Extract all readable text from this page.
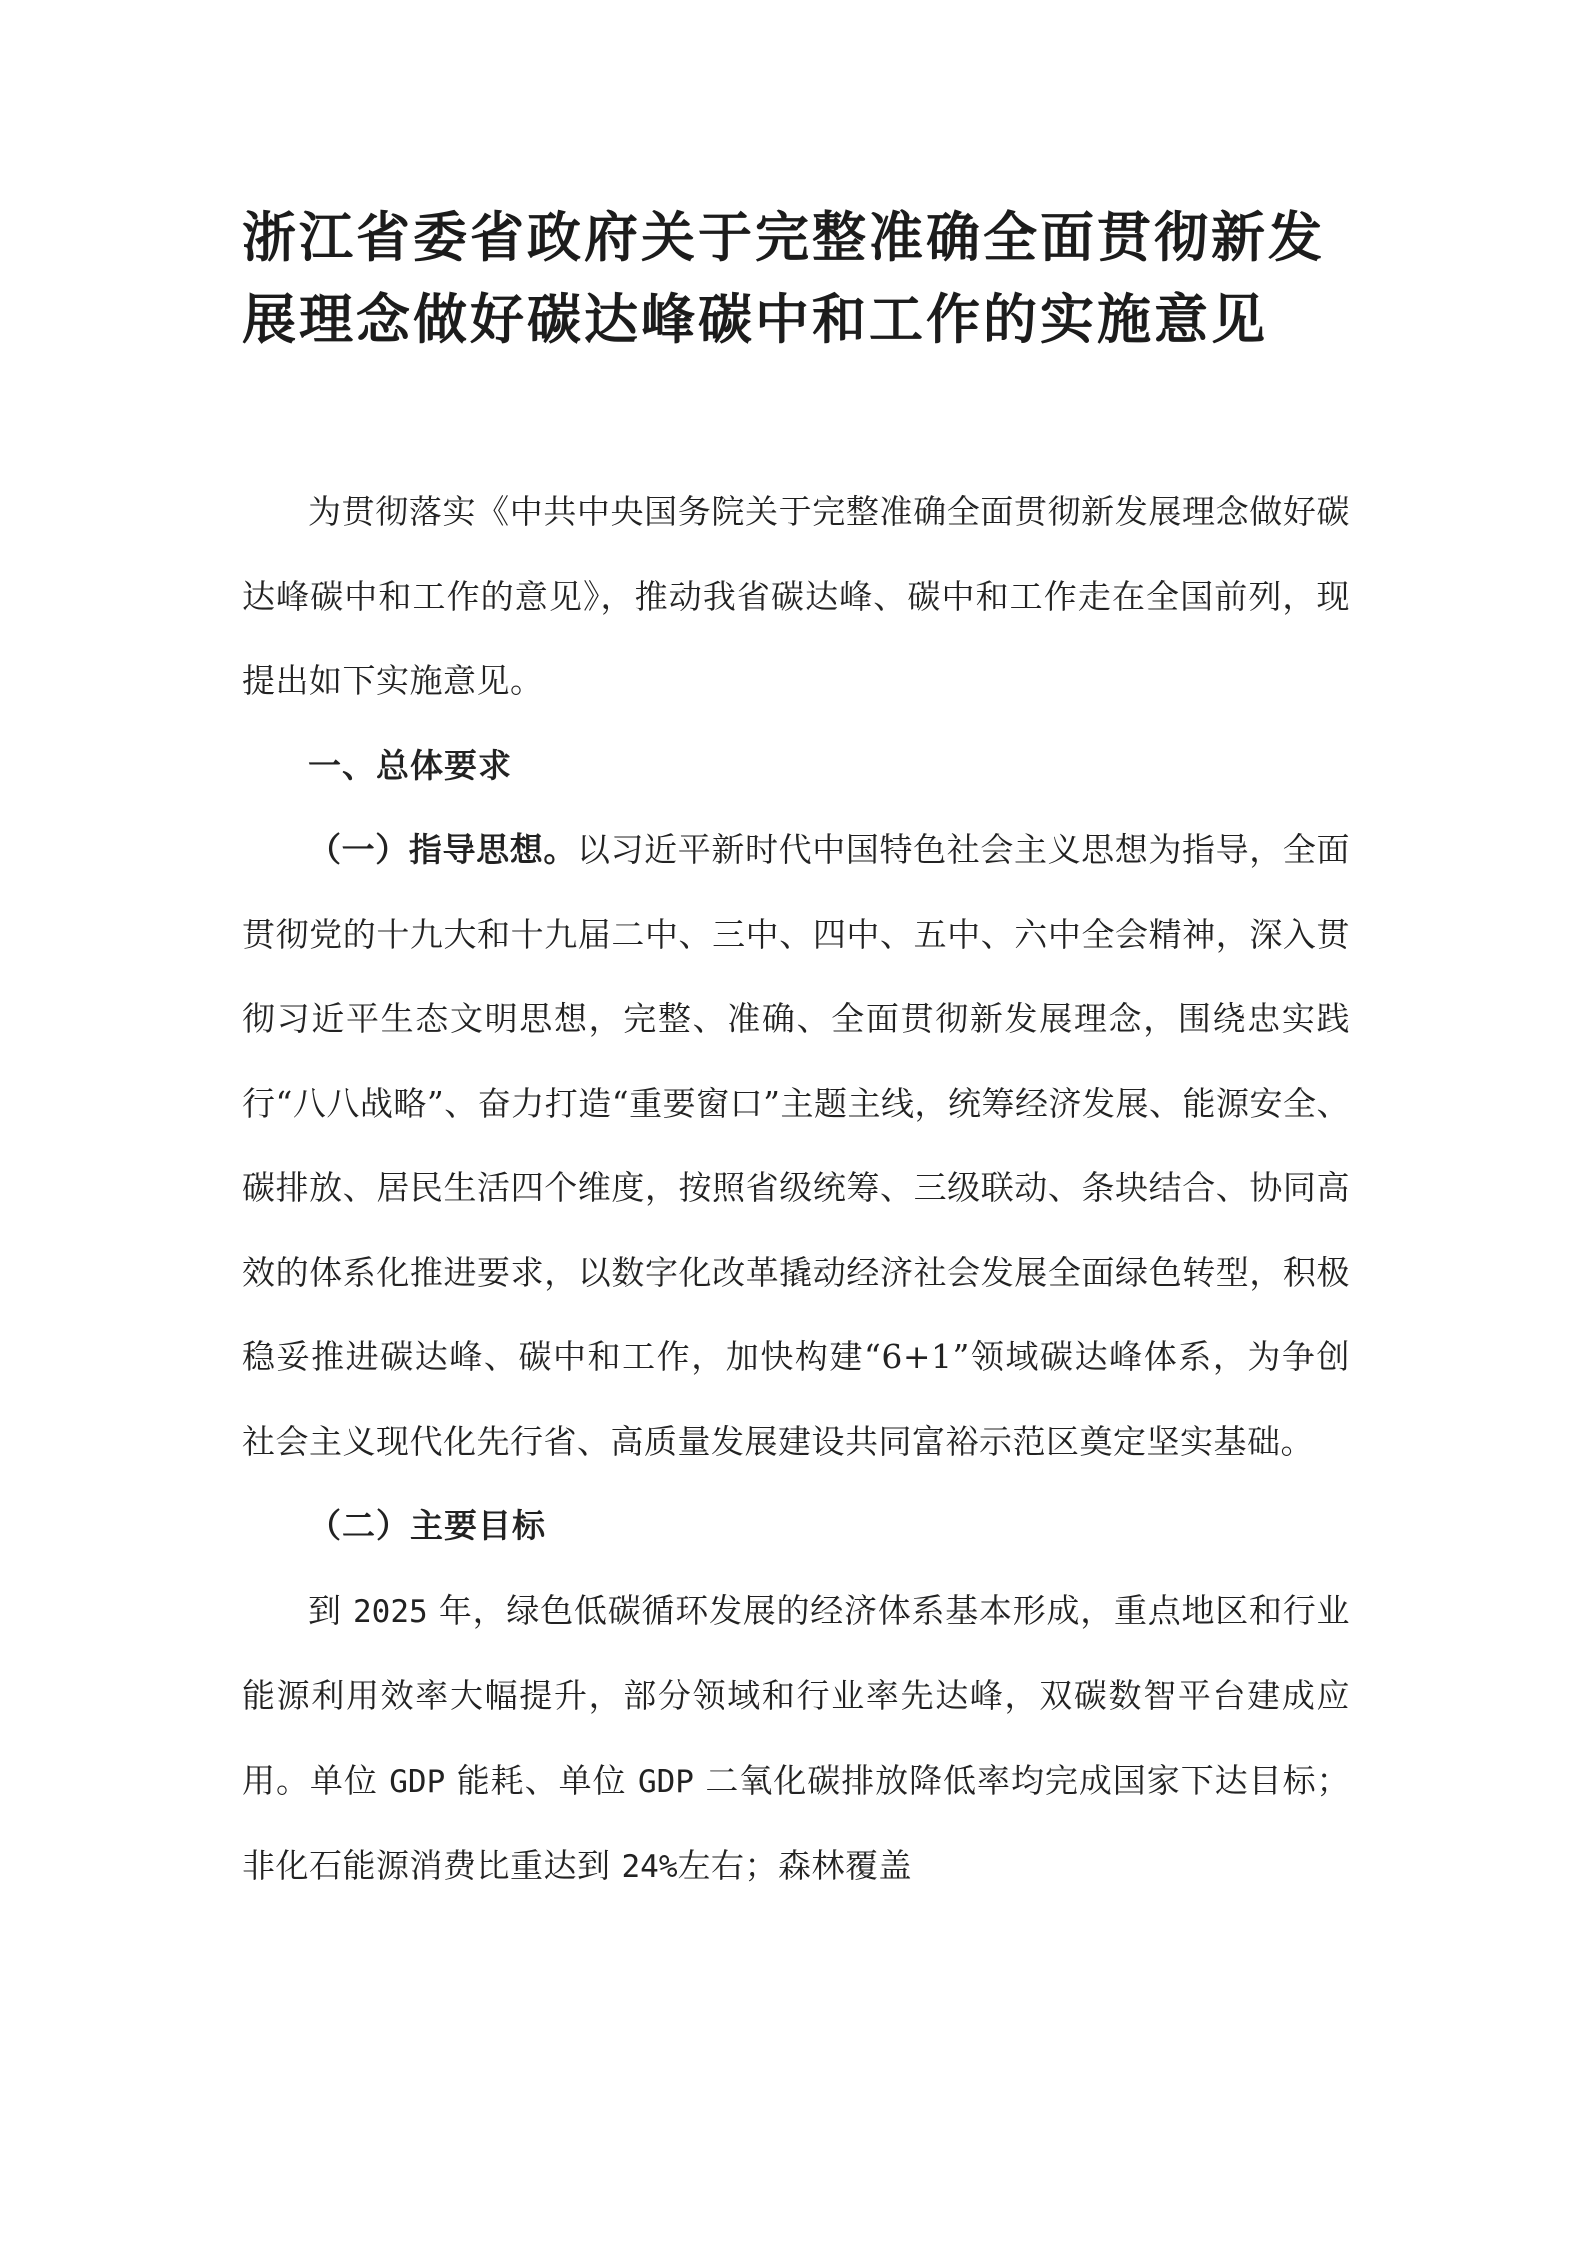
浙江省委省政府关于完整准确全面贯彻新发展理念做好碳达峰碳中和工作的实施意见

为贯彻落实《中共中央国务院关于完整准确全面贯彻新发展理念做好碳达峰碳中和工作的意见》，推动我省碳达峰、碳中和工作走在全国前列，现提出如下实施意见。

一、总体要求

（一）指导思想。以习近平新时代中国特色社会主义思想为指导，全面贯彻党的十九大和十九届二中、三中、四中、五中、六中全会精神，深入贯彻习近平生态文明思想，完整、准确、全面贯彻新发展理念，围绕忠实践行“八八战略”、奋力打造“重要窗口”主题主线，统筹经济发展、能源安全、碳排放、居民生活四个维度，按照省级统筹、三级联动、条块结合、协同高效的体系化推进要求，以数字化改革撬动经济社会发展全面绿色转型，积极稳妥推进碳达峰、碳中和工作，加快构建“6+1”领域碳达峰体系，为争创社会主义现代化先行省、高质量发展建设共同富裕示范区奠定坚实基础。

（二）主要目标

到 2025 年，绿色低碳循环发展的经济体系基本形成，重点地区和行业能源利用效率大幅提升，部分领域和行业率先达峰，双碳数智平台建成应用。单位 GDP 能耗、单位 GDP 二氧化碳排放降低率均完成国家下达目标；非化石能源消费比重达到 24%左右；森林覆盖
